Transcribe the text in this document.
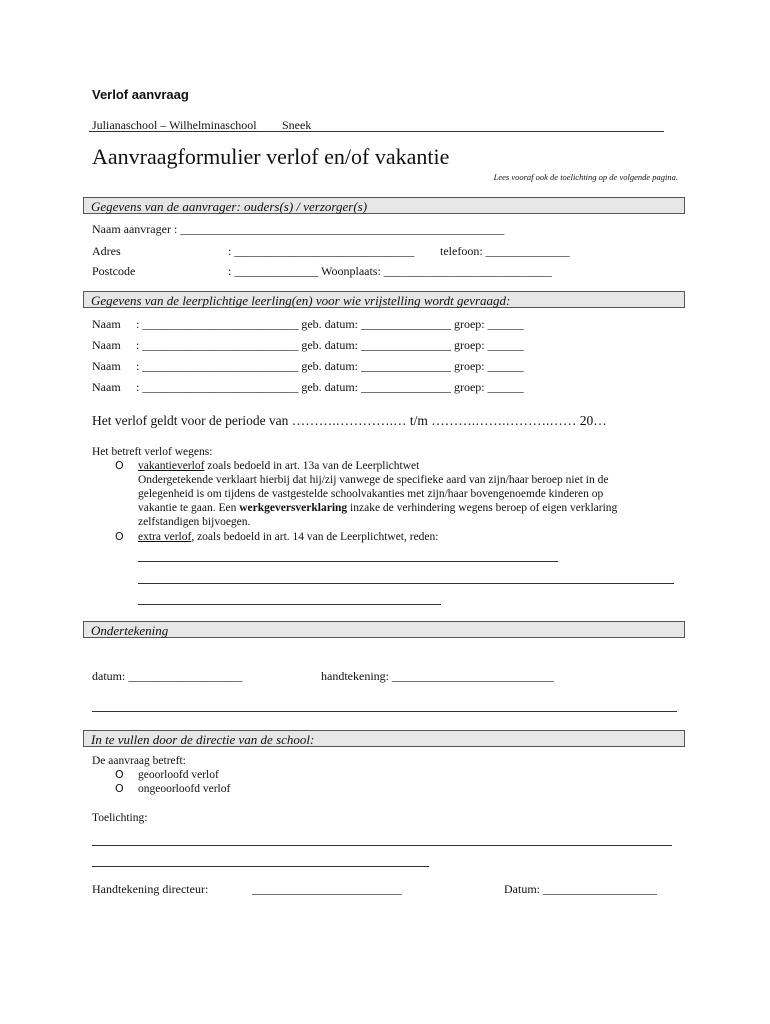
Verlof aanvraag
Julianaschool – Wilhelminaschool Sneek
Aanvraagformulier verlof en/of vakantie
Lees vooraf ook de toelichting op de volgende pagina.
Gegevens van de aanvrager: ouders(s) / verzorger(s)
Naam aanvrager : ______________________________________________________
Adres	: ______________________________ telefoon: ______________
Postcode	: ______________ Woonplaats: ____________________________
Gegevens van de leerplichtige leerling(en) voor wie vrijstelling wordt gevraagd:
Naam : __________________________ geb. datum: _______________ groep: ______
Naam : __________________________ geb. datum: _______________ groep: ______
Naam : __________________________ geb. datum: _______________ groep: ______
Naam : __________________________ geb. datum: _______________ groep: ______
Het verlof geldt voor de periode van ……….………….… t/m ……….…….……….…… 20…
Het betreft verlof wegens:
O vakantieverlof zoals bedoeld in art. 13a van de Leerplichtwet
Ondergetekende verklaart hierbij dat hij/zij vanwege de specifieke aard van zijn/haar beroep niet in de
gelegenheid is om tijdens de vastgestelde schoolvakanties met zijn/haar bovengenoemde kinderen op
vakantie te gaan. Een werkgeversverklaring inzake de verhindering wegens beroep of eigen verklaring
zelfstandigen bijvoegen.
O extra verlof, zoals bedoeld in art. 14 van de Leerplichtwet, reden:
Ondertekening
datum: ___________________	handtekening: ___________________________
In te vullen door de directie van de school:
De aanvraag betreft:
O geoorloofd verlof
O ongeoorloofd verlof
Toelichting:
Handtekening directeur:	_________________________	Datum: ___________________
